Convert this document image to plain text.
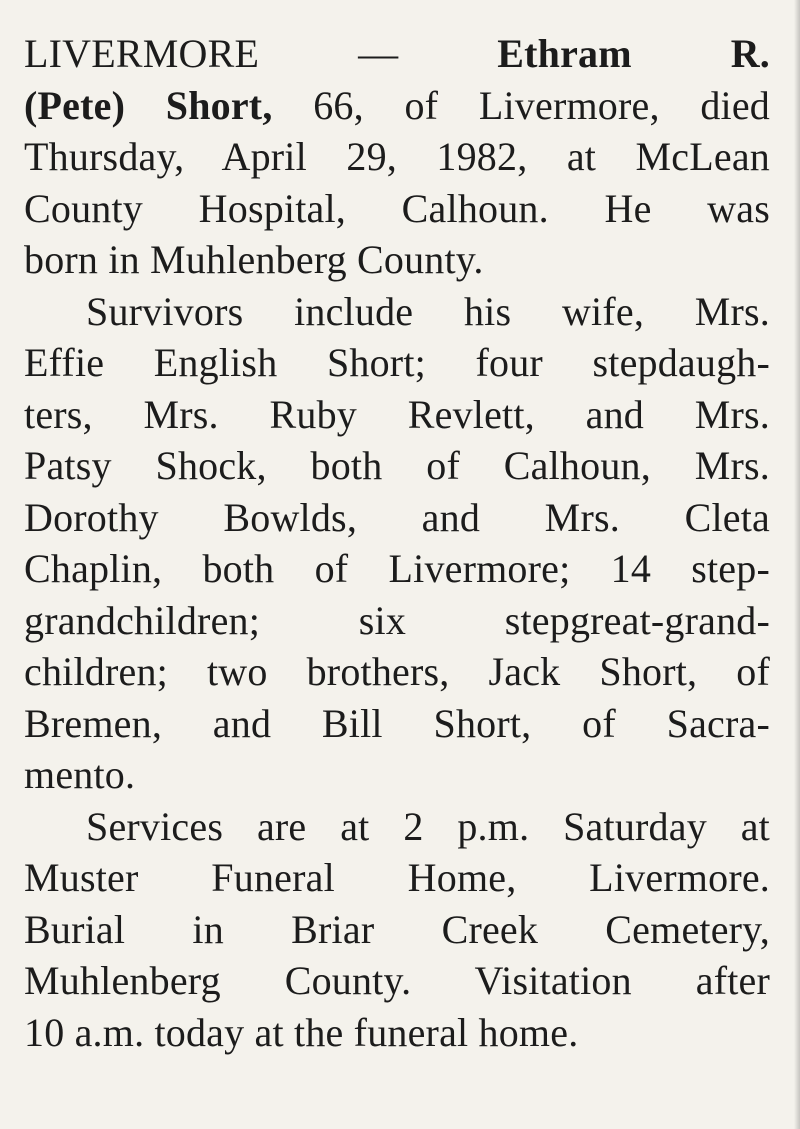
LIVERMORE — Ethram R.
(Pete) Short, 66, of Livermore, died
Thursday, April 29, 1982, at McLean
County Hospital, Calhoun. He was
born in Muhlenberg County.
Survivors include his wife, Mrs.
Effie English Short; four stepdaugh-
ters, Mrs. Ruby Revlett, and Mrs.
Patsy Shock, both of Calhoun, Mrs.
Dorothy Bowlds, and Mrs. Cleta
Chaplin, both of Livermore; 14 step-
grandchildren; six stepgreat-grand-
children; two brothers, Jack Short, of
Bremen, and Bill Short, of Sacra-
mento.
Services are at 2 p.m. Saturday at
Muster Funeral Home, Livermore.
Burial in Briar Creek Cemetery,
Muhlenberg County. Visitation after
10 a.m. today at the funeral home.
